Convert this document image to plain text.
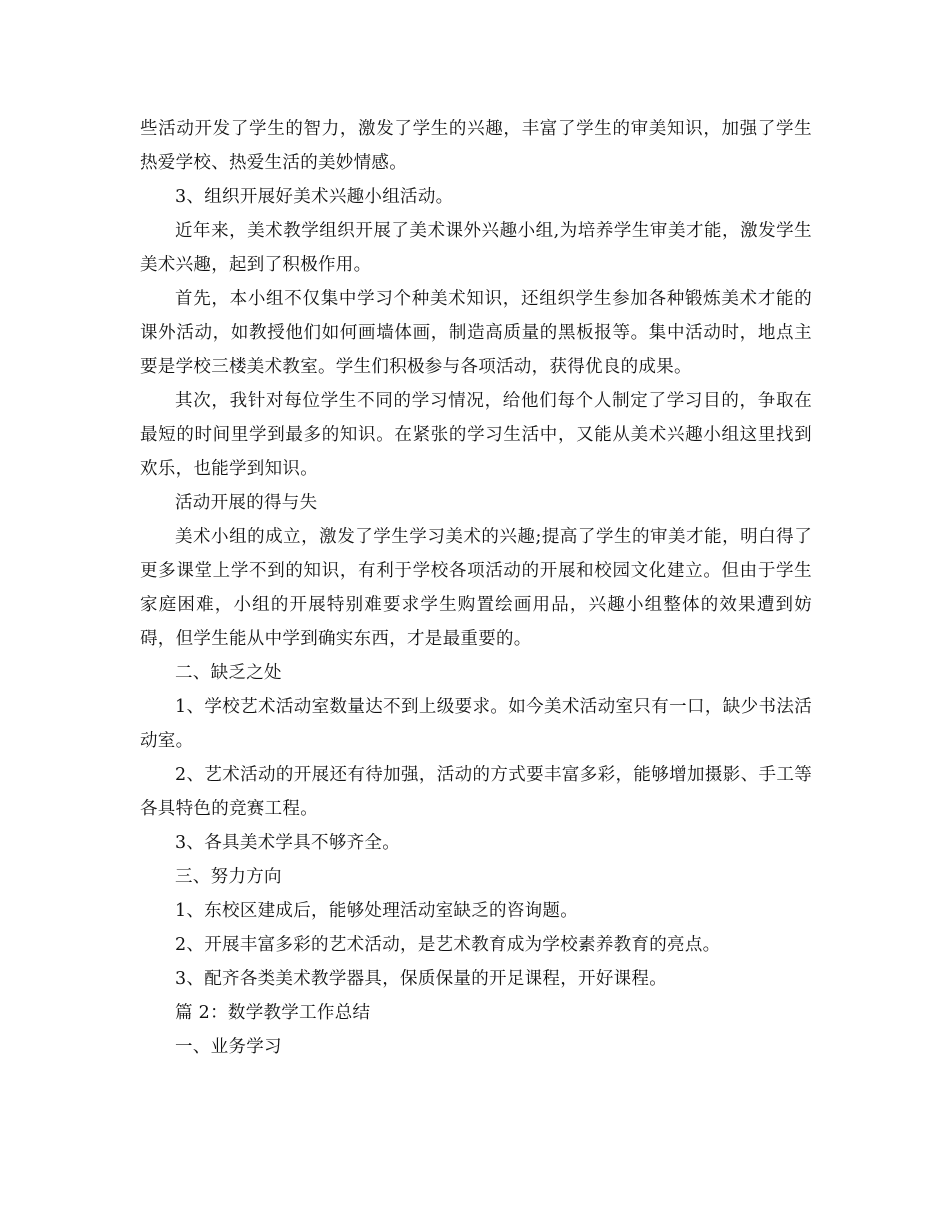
些活动开发了学生的智力，激发了学生的兴趣，丰富了学生的审美知识，加强了学生热爱学校、热爱生活的美妙情感。

3、组织开展好美术兴趣小组活动。

近年来，美术教学组织开展了美术课外兴趣小组,为培养学生审美才能，激发学生美术兴趣，起到了积极作用。

首先，本小组不仅集中学习个种美术知识，还组织学生参加各种锻炼美术才能的课外活动，如教授他们如何画墙体画，制造高质量的黑板报等。集中活动时，地点主要是学校三楼美术教室。学生们积极参与各项活动，获得优良的成果。

其次，我针对每位学生不同的学习情况，给他们每个人制定了学习目的，争取在最短的时间里学到最多的知识。在紧张的学习生活中，又能从美术兴趣小组这里找到欢乐，也能学到知识。

活动开展的得与失

美术小组的成立，激发了学生学习美术的兴趣;提高了学生的审美才能，明白得了更多课堂上学不到的知识，有利于学校各项活动的开展和校园文化建立。但由于学生家庭困难，小组的开展特别难要求学生购置绘画用品，兴趣小组整体的效果遭到妨碍，但学生能从中学到确实东西，才是最重要的。

二、缺乏之处

1、学校艺术活动室数量达不到上级要求。如今美术活动室只有一口，缺少书法活动室。

2、艺术活动的开展还有待加强，活动的方式要丰富多彩，能够增加摄影、手工等各具特色的竞赛工程。

3、各具美术学具不够齐全。

三、努力方向

1、东校区建成后，能够处理活动室缺乏的咨询题。

2、开展丰富多彩的艺术活动，是艺术教育成为学校素养教育的亮点。

3、配齐各类美术教学器具，保质保量的开足课程，开好课程。

篇 2：数学教学工作总结

一、业务学习
